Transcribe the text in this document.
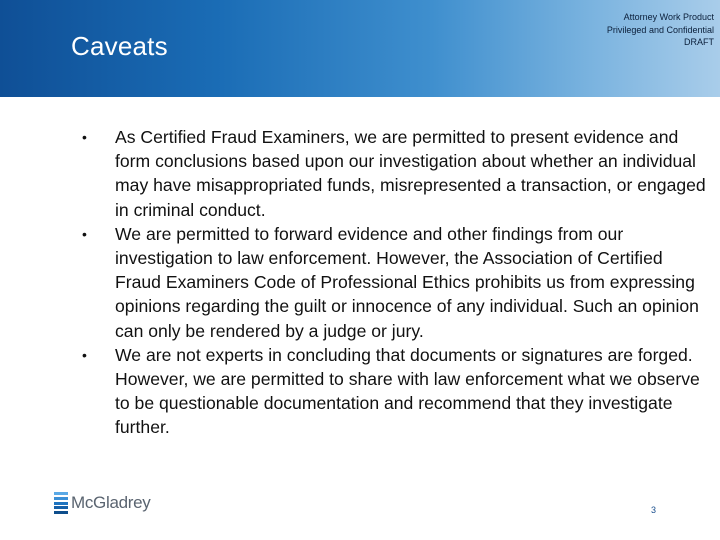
Caveats
Attorney Work Product
Privileged and Confidential
DRAFT
• As Certified Fraud Examiners, we are permitted to present evidence and form conclusions based upon our investigation about whether an individual may have misappropriated funds, misrepresented a transaction, or engaged in criminal conduct.
• We are permitted to forward evidence and other findings from our investigation to law enforcement. However, the Association of Certified Fraud Examiners Code of Professional Ethics prohibits us from expressing opinions regarding the guilt or innocence of any individual. Such an opinion can only be rendered by a judge or jury.
• We are not experts in concluding that documents or signatures are forged. However, we are permitted to share with law enforcement what we observe to be questionable documentation and recommend that they investigate further.
McGladrey	3
